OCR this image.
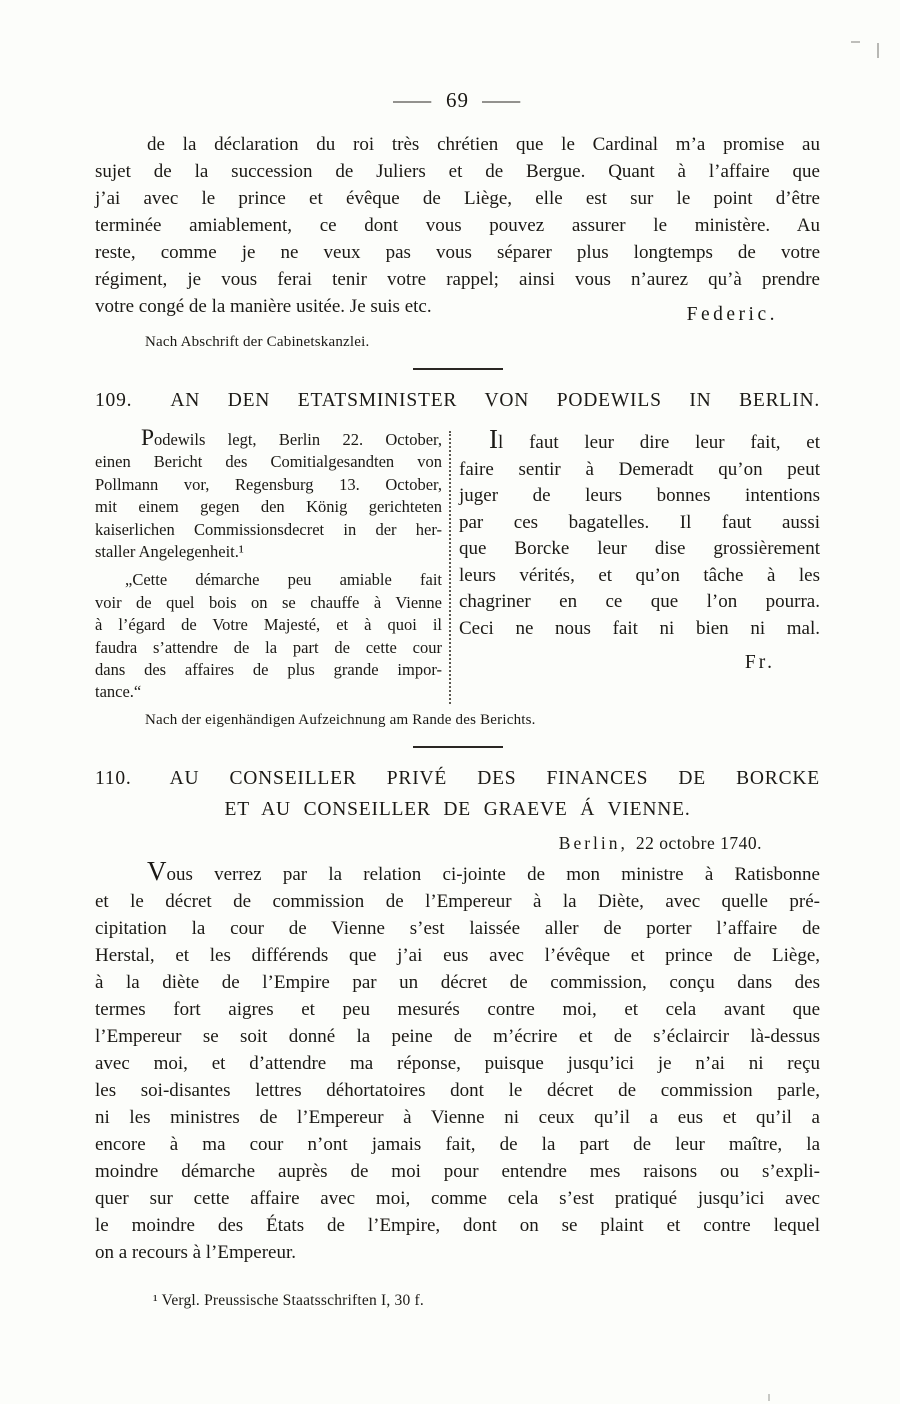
— 69 —
de la déclaration du roi très chrétien que le Cardinal m’a promise au
sujet de la succession de Juliers et de Bergue. Quant à l’affaire que
j’ai avec le prince et évêque de Liège, elle est sur le point d’être
terminée amiablement, ce dont vous pouvez assurer le ministère. Au
reste, comme je ne veux pas vous séparer plus longtemps de votre
régiment, je vous ferai tenir votre rappel; ainsi vous n’aurez qu’à prendre
votre congé de la manière usitée. Je suis etc.	Federic.
Nach Abschrift der Cabinetskanzlei.
109. AN DEN ETATSMINISTER VON PODEWILS IN BERLIN.
Podewils legt, Berlin 22. October,
einen Bericht des Comitialgesandten von
Pollmann vor, Regensburg 13. October,
mit einem gegen den König gerichteten
kaiserlichen Commissionsdecret in der her-
staller Angelegenheit.¹
„Cette démarche peu amiable fait
voir de quel bois on se chauffe à Vienne
à l’égard de Votre Majesté, et à quoi il
faudra s’attendre de la part de cette cour
dans des affaires de plus grande impor-
tance.“
Il faut leur dire leur fait, et
faire sentir à Demeradt qu’on peut
juger de leurs bonnes intentions
par ces bagatelles. Il faut aussi
que Borcke leur dise grossièrement
leurs vérités, et qu’on tâche à les
chagriner en ce que l’on pourra.
Ceci ne nous fait ni bien ni mal.
Fr.
Nach der eigenhändigen Aufzeichnung am Rande des Berichts.
110. AU CONSEILLER PRIVÉ DES FINANCES DE BORCKE
ET AU CONSEILLER DE GRAEVE Á VIENNE.
Berlin, 22 octobre 1740.
Vous verrez par la relation ci-jointe de mon ministre à Ratisbonne
et le décret de commission de l’Empereur à la Diète, avec quelle pré-
cipitation la cour de Vienne s’est laissée aller de porter l’affaire de
Herstal, et les différends que j’ai eus avec l’évêque et prince de Liège,
à la diète de l’Empire par un décret de commission, conçu dans des
termes fort aigres et peu mesurés contre moi, et cela avant que
l’Empereur se soit donné la peine de m’écrire et de s’éclaircir là-dessus
avec moi, et d’attendre ma réponse, puisque jusqu’ici je n’ai ni reçu
les soi-disantes lettres déhortatoires dont le décret de commission parle,
ni les ministres de l’Empereur à Vienne ni ceux qu’il a eus et qu’il a
encore à ma cour n’ont jamais fait, de la part de leur maître, la
moindre démarche auprès de moi pour entendre mes raisons ou s’expli-
quer sur cette affaire avec moi, comme cela s’est pratiqué jusqu’ici avec
le moindre des États de l’Empire, dont on se plaint et contre lequel
on a recours à l’Empereur.
¹ Vergl. Preussische Staatsschriften I, 30 f.
